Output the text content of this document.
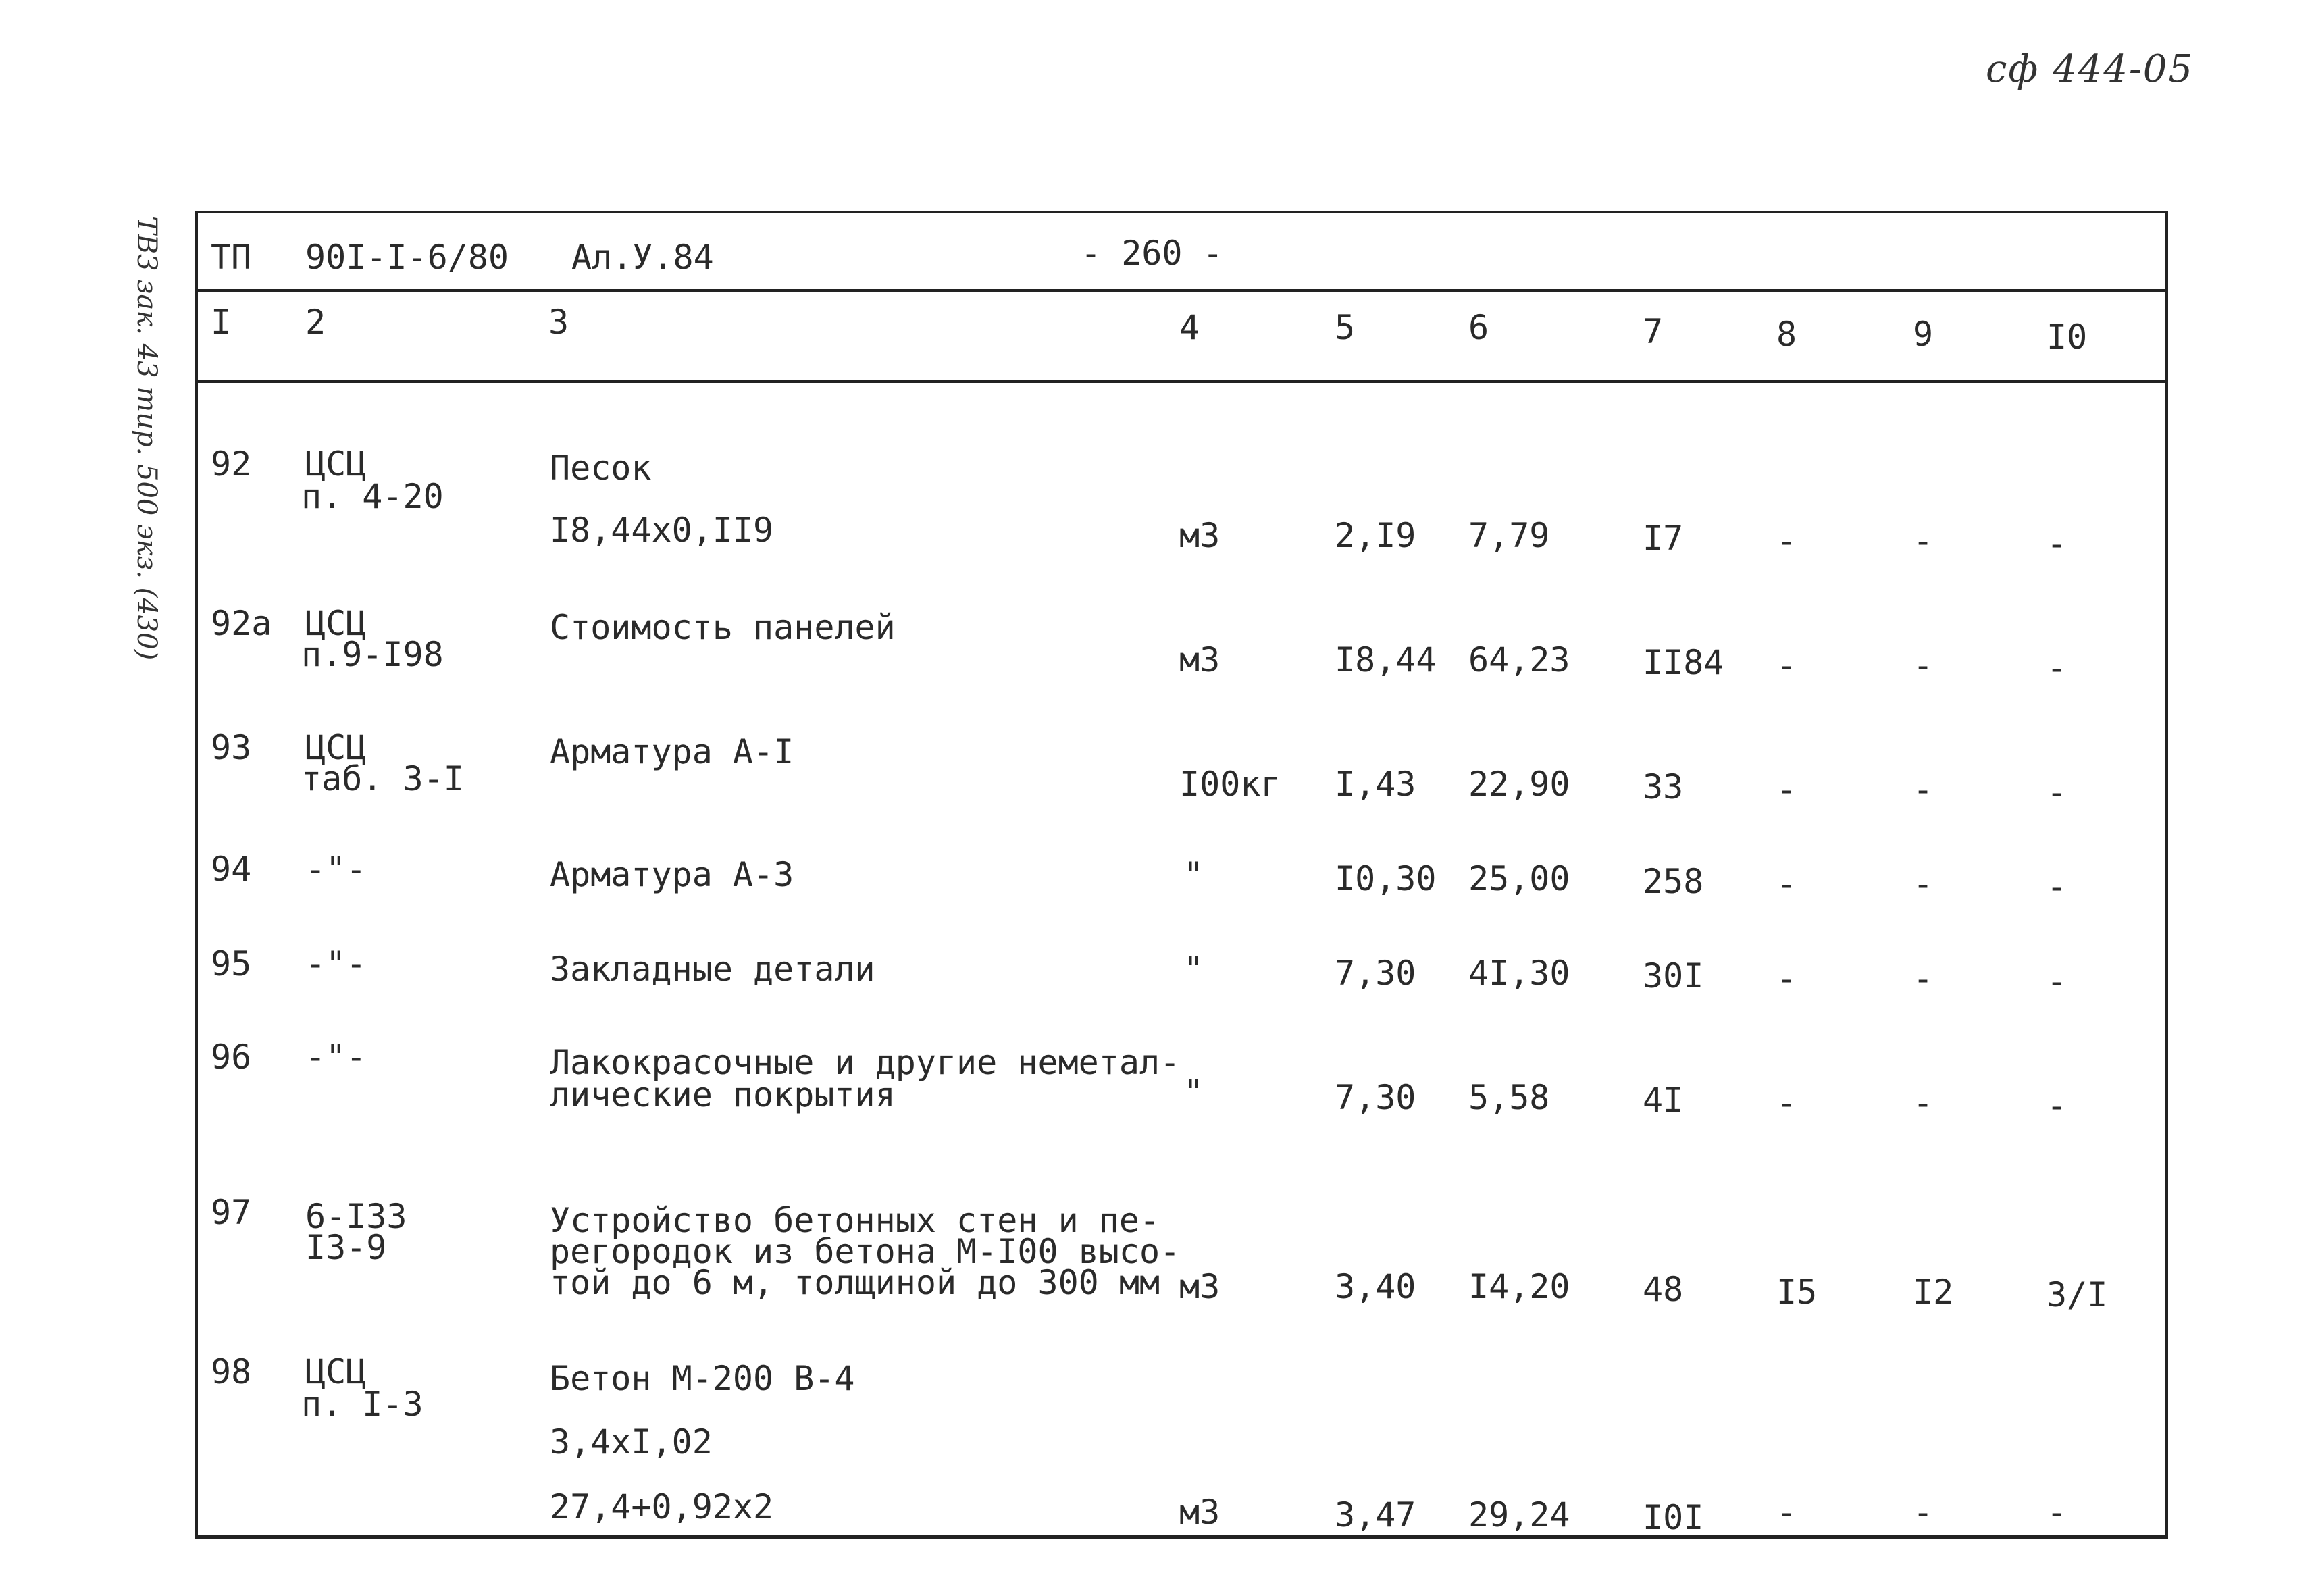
сф 444-05
ТВЗ зак. 43 тир. 500 экз. (430) ТП 90I-I-6/80 Ал.У.84	- 260 -
I 2	3	4	5	6	7	8	9	I0
92 ЦСЦ
п. 4-20
Песок
I8,44x0,II9	м3	2,I9 7,79	I7	-	-	-
92а ЦСЦ
п.9-I98
Стоимость панелей
м3	I8,44 64,23 II84 -	-	-
93 ЦСЦ
таб. 3-I
Арматура А-I
I00кг I,43 22,90 33	-	-	-
94 -"-	Арматура А-3	"	I0,30 25,00 258 -	-	-
95 -"-	Закладные детали	"	7,30 4I,30 30I -	-	-
96 -"-	Лакокрасочные и другие неметал-
лические покрытия	"	7,30 5,58	4I	-	-	-
97 6-I33
I3-9
Устройство бетонных стен и пе-
регородок из бетона М-I00 высо-
той до 6 м, толщиной до 300 мм м3	3,40 I4,20 48	I5	I2	3/I
98 ЦСЦ
п. I-3
Бетон М-200 В-4
3,4xI,02
27,4+0,92x2	м3	3,47 29,24 I0I -	-	-
